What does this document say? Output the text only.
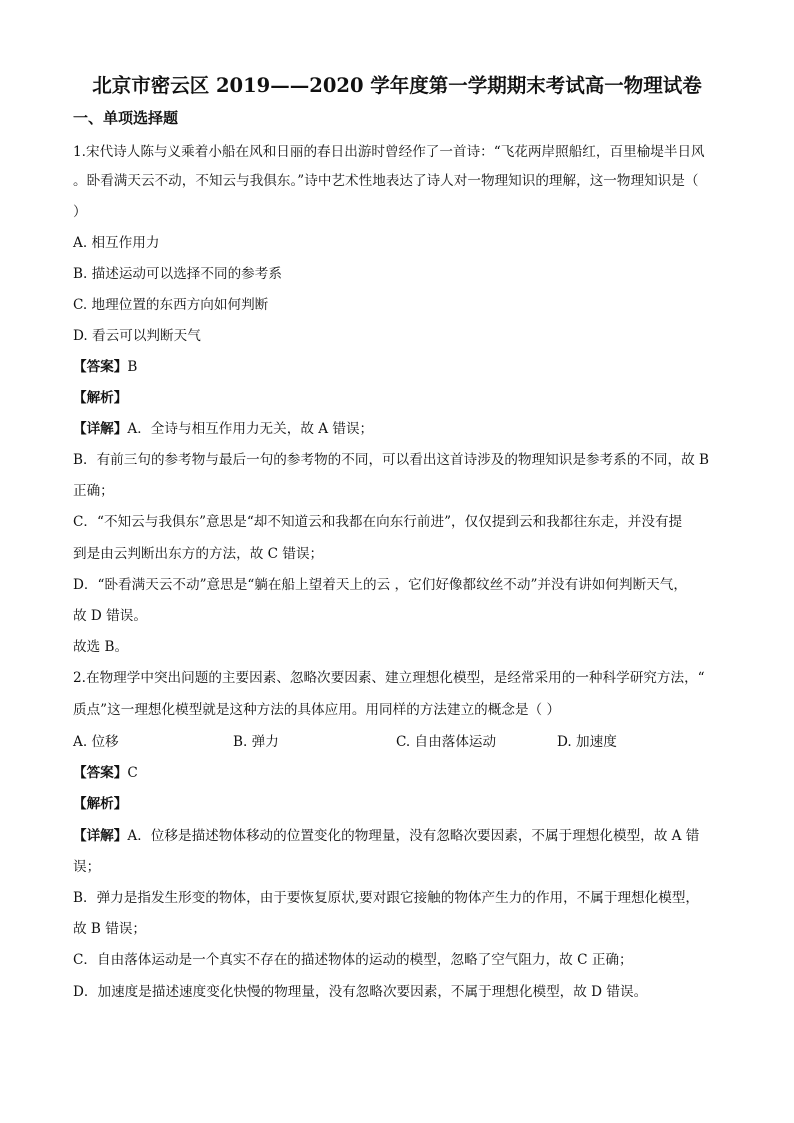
北京市密云区 2019——2020 学年度第一学期期末考试高一物理试卷
一、单项选择题
1.宋代诗人陈与义乘着小船在风和日丽的春日出游时曾经作了一首诗：“飞花两岸照船红，百里榆堤半日风
。卧看满天云不动，不知云与我俱东。”诗中艺术性地表达了诗人对一物理知识的理解，这一物理知识是（
）
A. 相互作用力
B. 描述运动可以选择不同的参考系
C. 地理位置的东西方向如何判断
D. 看云可以判断天气
【答案】B
【解析】
【详解】A．全诗与相互作用力无关，故 A 错误；
B．有前三句的参考物与最后一句的参考物的不同，可以看出这首诗涉及的物理知识是参考系的不同，故 B
正确；
C．“不知云与我俱东”意思是“却不知道云和我都在向东行前进”，仅仅提到云和我都往东走，并没有提
到是由云判断出东方的方法，故 C 错误；
D．“卧看满天云不动”意思是“躺在船上望着天上的云 ，它们好像都纹丝不动”并没有讲如何判断天气，
故 D 错误。
故选 B。
2.在物理学中突出问题的主要因素、忽略次要因素、建立理想化模型，是经常采用的一种科学研究方法，“
质点”这一理想化模型就是这种方法的具体应用。用同样的方法建立的概念是（ ）
A. 位移	B. 弹力	C. 自由落体运动	D. 加速度
【答案】C
【解析】
【详解】A．位移是描述物体移动的位置变化的物理量，没有忽略次要因素，不属于理想化模型，故 A 错
误；
B．弹力是指发生形变的物体，由于要恢复原状,要对跟它接触的物体产生力的作用，不属于理想化模型，
故 B 错误；
C．自由落体运动是一个真实不存在的描述物体的运动的模型，忽略了空气阻力，故 C 正确；
D．加速度是描述速度变化快慢的物理量，没有忽略次要因素，不属于理想化模型，故 D 错误。
